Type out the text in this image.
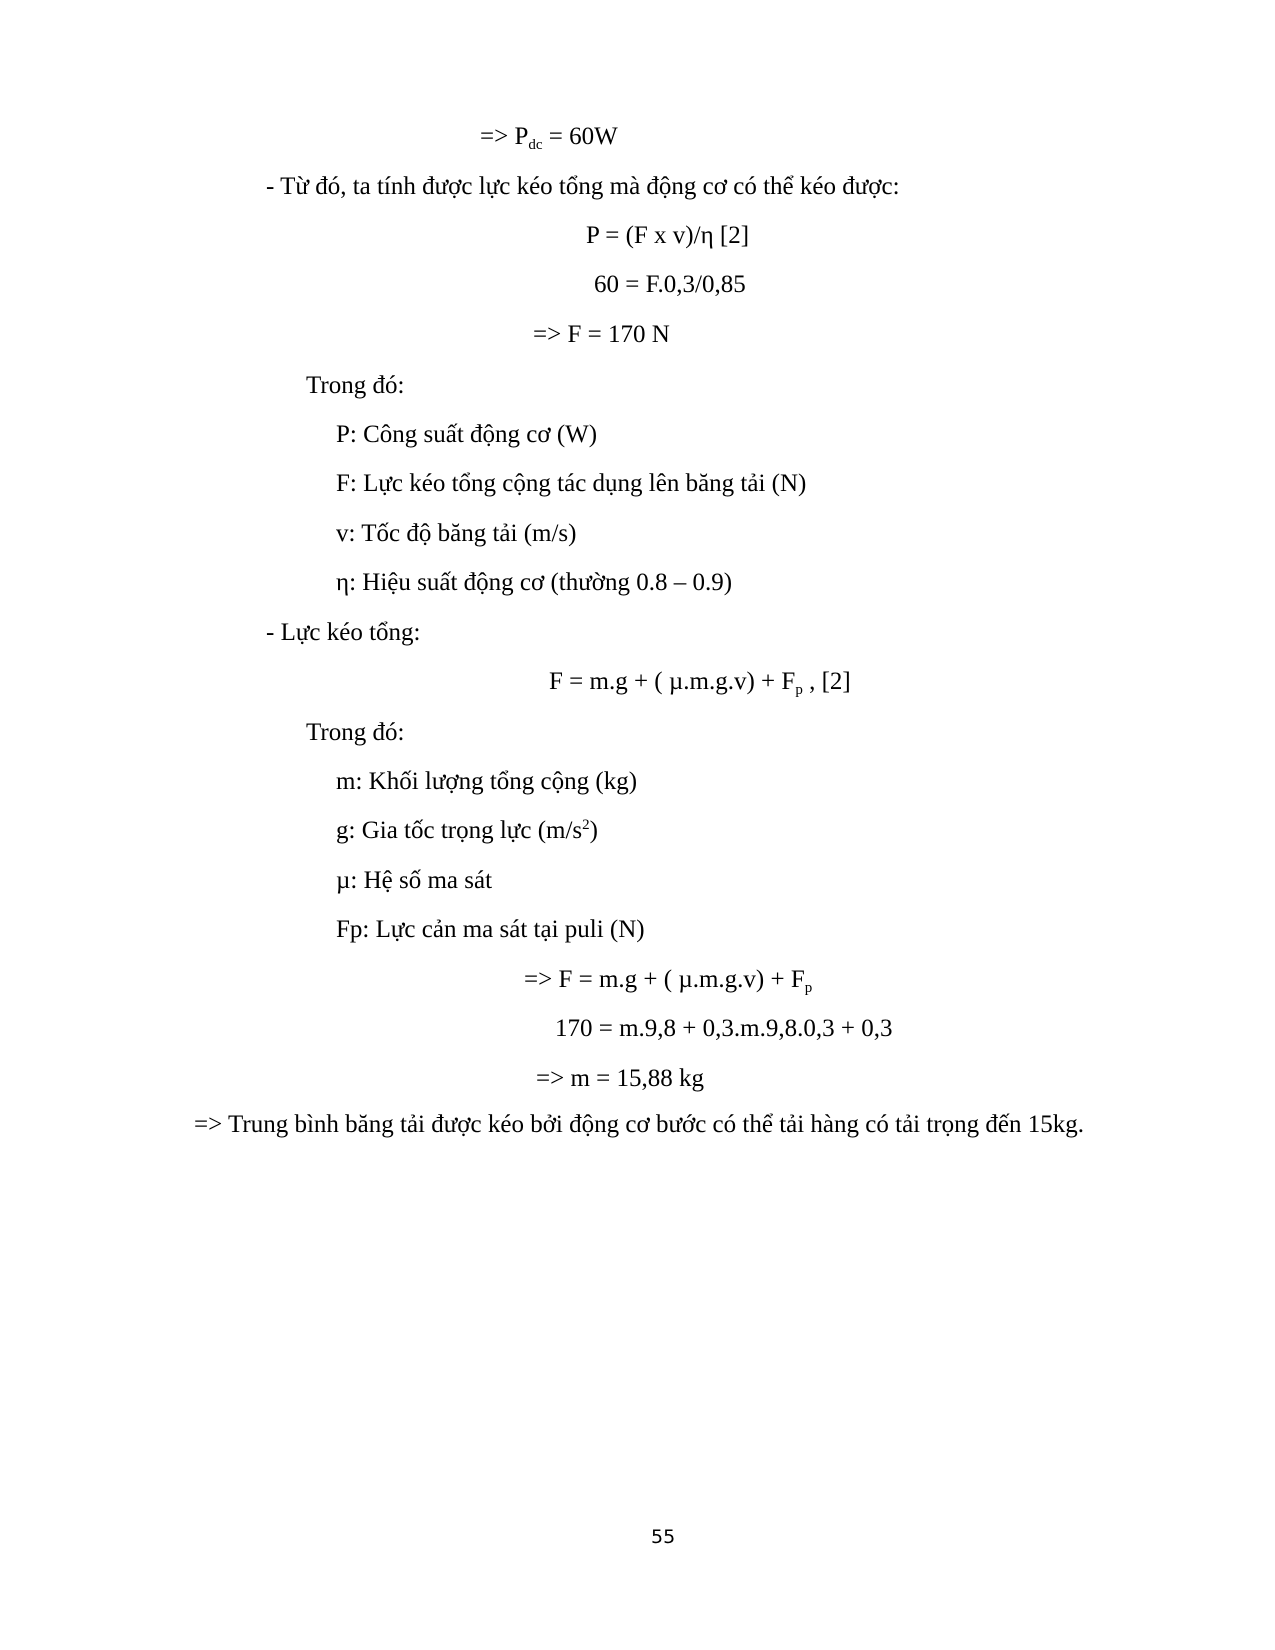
=> $P_{dc} = 60W$
- Từ đó, ta tính được lực kéo tổng mà động cơ có thể kéo được:
P = (F x v)/η [2]
60 = F.0,3/0,85
=> F = 170 N
Trong đó:
P: Công suất động cơ (W)
F: Lực kéo tổng cộng tác dụng lên băng tải (N)
v: Tốc độ băng tải (m/s)
η: Hiệu suất động cơ (thường 0.8 – 0.9)
- Lực kéo tổng:
F = m.g + ( $\mu.m.g.v) + F_p$ , [2]
Trong đó:
m: Khối lượng tổng cộng (kg)
g: Gia tốc trọng lực $(m/s^2)$
µ: Hệ số ma sát
Fp: Lực cản ma sát tại puli (N)
=> F = m.g + ( $\mu.m.g.v) + F_p$
170 = m.9,8 + 0,3.m.9,8.0,3 + 0,3
=> m = 15,88 kg
=> Trung bình băng tải được kéo bởi động cơ bước có thể tải hàng có tải trọng đến 15kg.
55
